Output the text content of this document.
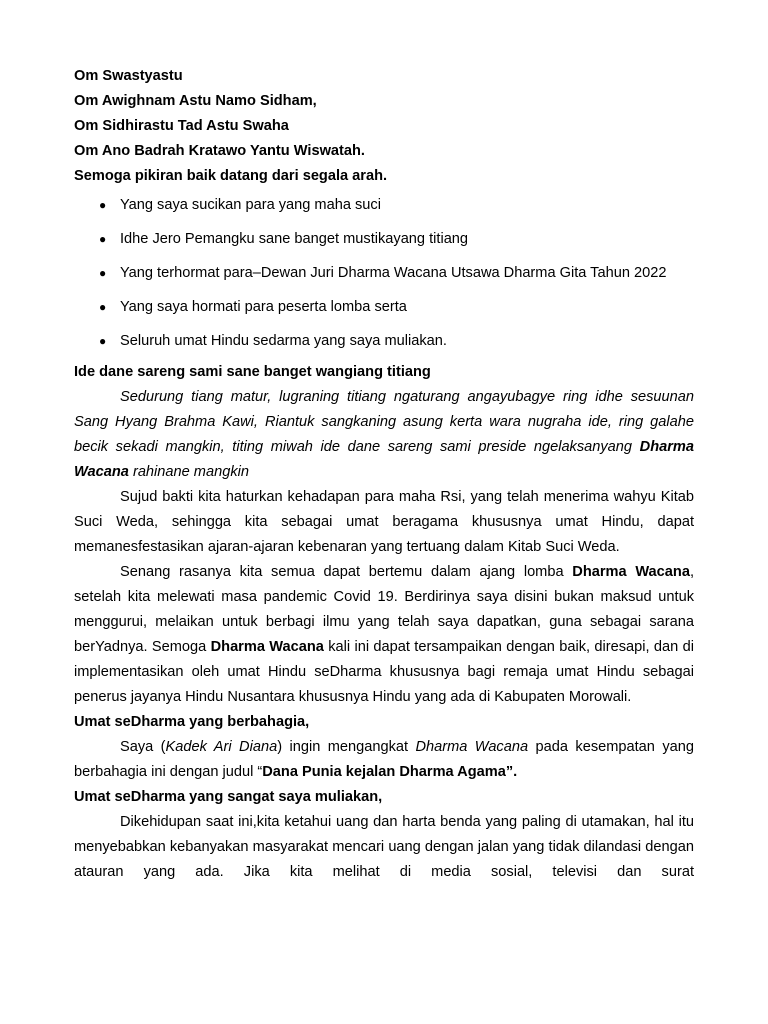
Om Swastyastu
Om Awighnam Astu Namo Sidham,
Om Sidhirastu Tad Astu Swaha
Om Ano Badrah Kratawo Yantu Wiswatah.
Semoga pikiran baik datang dari segala arah.
● Yang saya sucikan para yang maha suci
● Idhe Jero Pemangku sane banget mustikayang titiang
● Yang terhormat para–Dewan Juri Dharma Wacana Utsawa Dharma Gita Tahun 2022
● Yang saya hormati para peserta lomba serta
● Seluruh umat Hindu sedarma yang saya muliakan.
Ide dane sareng sami sane banget wangiang titiang

Sedurung tiang matur, lugraning titiang ngaturang angayubagye ring idhe sesuunan Sang Hyang Brahma Kawi, Riantuk sangkaning asung kerta wara nugraha ide, ring galahe becik sekadi mangkin, titing miwah ide dane sareng sami preside ngelaksanyang Dharma Wacana rahinane mangkin

Sujud bakti kita haturkan kehadapan para maha Rsi, yang telah menerima wahyu Kitab Suci Weda, sehingga kita sebagai umat beragama khususnya umat Hindu, dapat memanesfestasikan ajaran-ajaran kebenaran yang tertuang dalam Kitab Suci Weda.

Senang rasanya kita semua dapat bertemu dalam ajang lomba Dharma Wacana, setelah kita melewati masa pandemic Covid 19. Berdirinya saya disini bukan maksud untuk menggurui, melaikan untuk berbagi ilmu yang telah saya dapatkan, guna sebagai sarana berYadnya. Semoga Dharma Wacana kali ini dapat tersampaikan dengan baik, diresapi, dan di implementasikan oleh umat Hindu seDharma khususnya bagi remaja umat Hindu sebagai penerus jayanya Hindu Nusantara khususnya Hindu yang ada di Kabupaten Morowali.

Umat seDharma yang berbahagia,

Saya (Kadek Ari Diana) ingin mengangkat Dharma Wacana pada kesempatan yang berbahagia ini dengan judul “Dana Punia kejalan Dharma Agama”.

Umat seDharma yang sangat saya muliakan,

Dikehidupan saat ini,kita ketahui uang dan harta benda yang paling di utamakan, hal itu menyebabkan kebanyakan masyarakat mencari uang dengan jalan yang tidak dilandasi dengan atauran yang ada. Jika kita melihat di media sosial, televisi dan surat
